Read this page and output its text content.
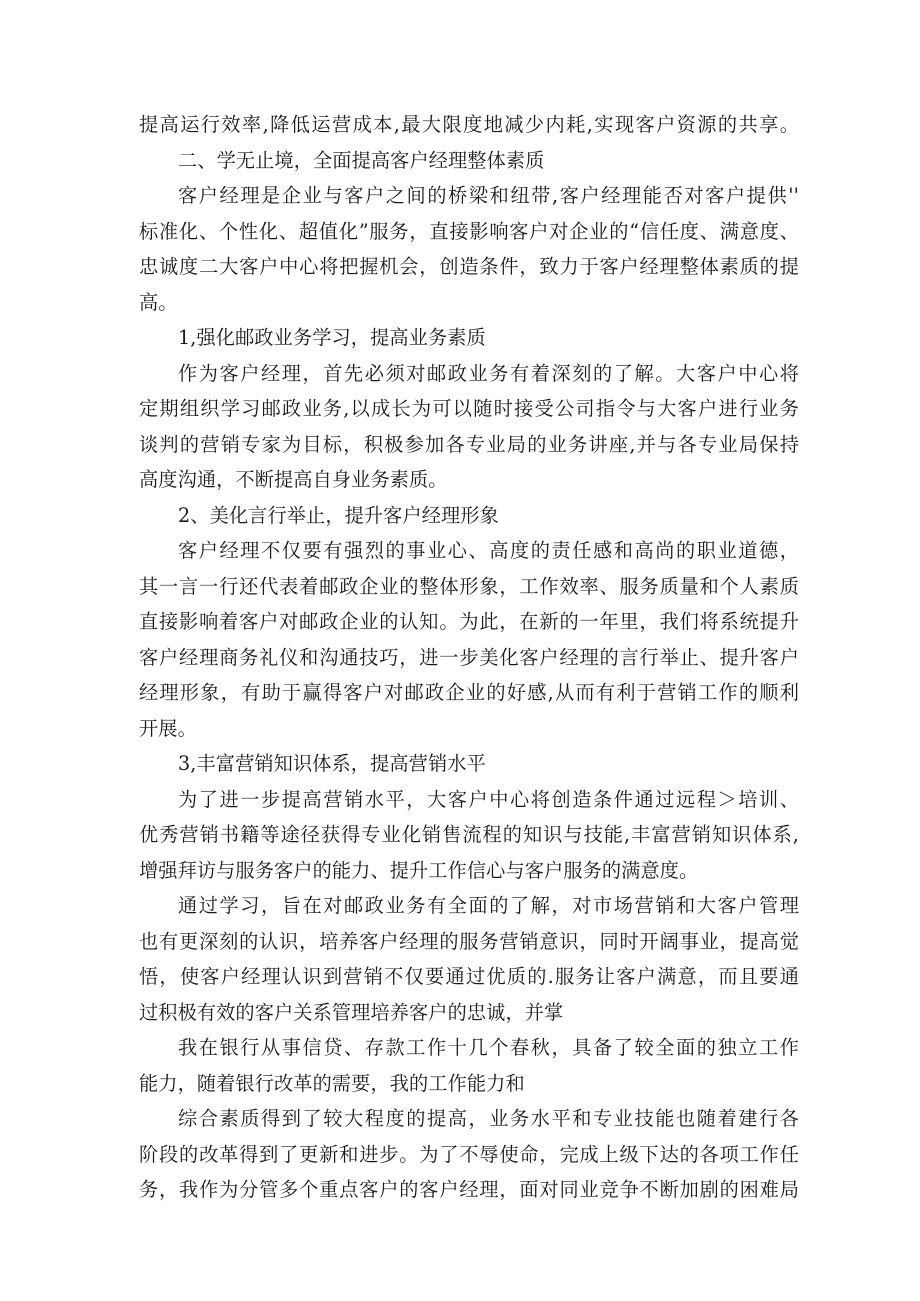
提高运行效率,降低运营成本,最大限度地减少内耗,实现客户资源的共享。
二、学无止境，全面提高客户经理整体素质
客户经理是企业与客户之间的桥梁和纽带,客户经理能否对客户提供''
标准化、个性化、超值化”服务，直接影响客户对企业的“信任度、满意度、
忠诚度二大客户中心将把握机会，创造条件，致力于客户经理整体素质的提
高。
1,强化邮政业务学习，提高业务素质
作为客户经理，首先必须对邮政业务有着深刻的了解。大客户中心将
定期组织学习邮政业务,以成长为可以随时接受公司指令与大客户进行业务
谈判的营销专家为目标，积极参加各专业局的业务讲座,并与各专业局保持
高度沟通，不断提高自身业务素质。
2、美化言行举止，提升客户经理形象
客户经理不仅要有强烈的事业心、高度的责任感和高尚的职业道德，
其一言一行还代表着邮政企业的整体形象，工作效率、服务质量和个人素质
直接影响着客户对邮政企业的认知。为此，在新的一年里，我们将系统提升
客户经理商务礼仪和沟通技巧，进一步美化客户经理的言行举止、提升客户
经理形象，有助于赢得客户对邮政企业的好感,从而有利于营销工作的顺利
开展。
3,丰富营销知识体系，提高营销水平
为了进一步提高营销水平，大客户中心将创造条件通过远程＞培训、
优秀营销书籍等途径获得专业化销售流程的知识与技能,丰富营销知识体系,
增强拜访与服务客户的能力、提升工作信心与客户服务的满意度。
通过学习，旨在对邮政业务有全面的了解，对市场营销和大客户管理
也有更深刻的认识，培养客户经理的服务营销意识，同时开阔事业，提高觉
悟，使客户经理认识到营销不仅要通过优质的.服务让客户满意，而且要通
过积极有效的客户关系管理培养客户的忠诚，并掌
我在银行从事信贷、存款工作十几个春秋，具备了较全面的独立工作
能力，随着银行改革的需要，我的工作能力和
综合素质得到了较大程度的提高，业务水平和专业技能也随着建行各
阶段的改革得到了更新和进步。为了不辱使命，完成上级下达的各项工作任
务，我作为分管多个重点客户的客户经理，面对同业竞争不断加剧的困难局
